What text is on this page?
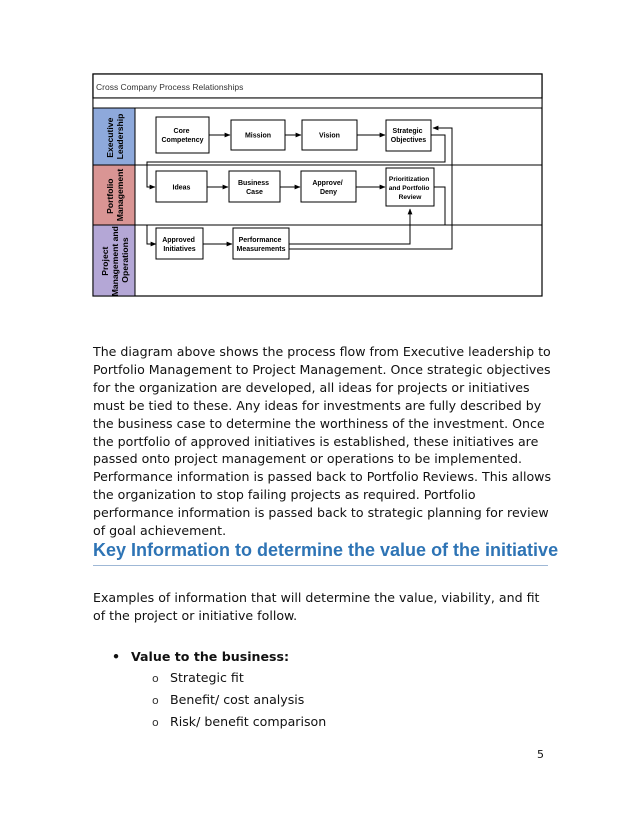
Cross Company Process Relationships
Executive Leadership
Portfolio Management
Project Management and Operations
Core Competency
Mission	Vision
Strategic Objectives
Ideas
Business Case
Approve/ Deny
Prioritization and Portfolio Review
Approved Initiatives
Performance Measurements

The diagram above shows the process flow from Executive leadership to Portfolio Management to Project Management. Once strategic objectives for the organization are developed, all ideas for projects or initiatives must be tied to these. Any ideas for investments are fully described by the business case to determine the worthiness of the investment. Once the portfolio of approved initiatives is established, these initiatives are passed onto project management or operations to be implemented. Performance information is passed back to Portfolio Reviews. This allows the organization to stop failing projects as required. Portfolio performance information is passed back to strategic planning for review of goal achievement.

Key Information to determine the value of the initiative

Examples of information that will determine the value, viability, and fit of the project or initiative follow.

• Value to the business:
o Strategic fit
o Benefit/ cost analysis
o Risk/ benefit comparison
5
